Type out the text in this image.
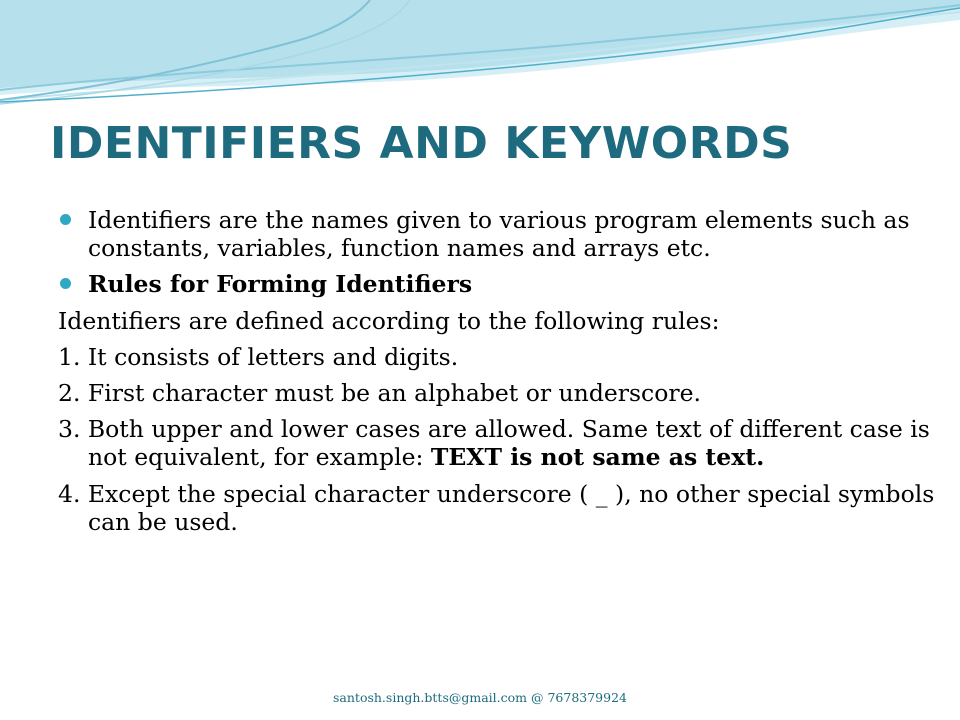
IDENTIFIERS AND KEYWORDS
Identifiers are the names given to various program elements such as constants, variables, function names and arrays etc.
Rules for Forming Identifiers

Identifiers are defined according to the following rules:

1. It consists of letters and digits.

2. First character must be an alphabet or underscore.

3. Both upper and lower cases are allowed. Same text of different case is not equivalent, for example: TEXT is not same as text.

4. Except the special character underscore ( _ ), no other special symbols can be used.

santosh.singh.btts@gmail.com @ 7678379924
